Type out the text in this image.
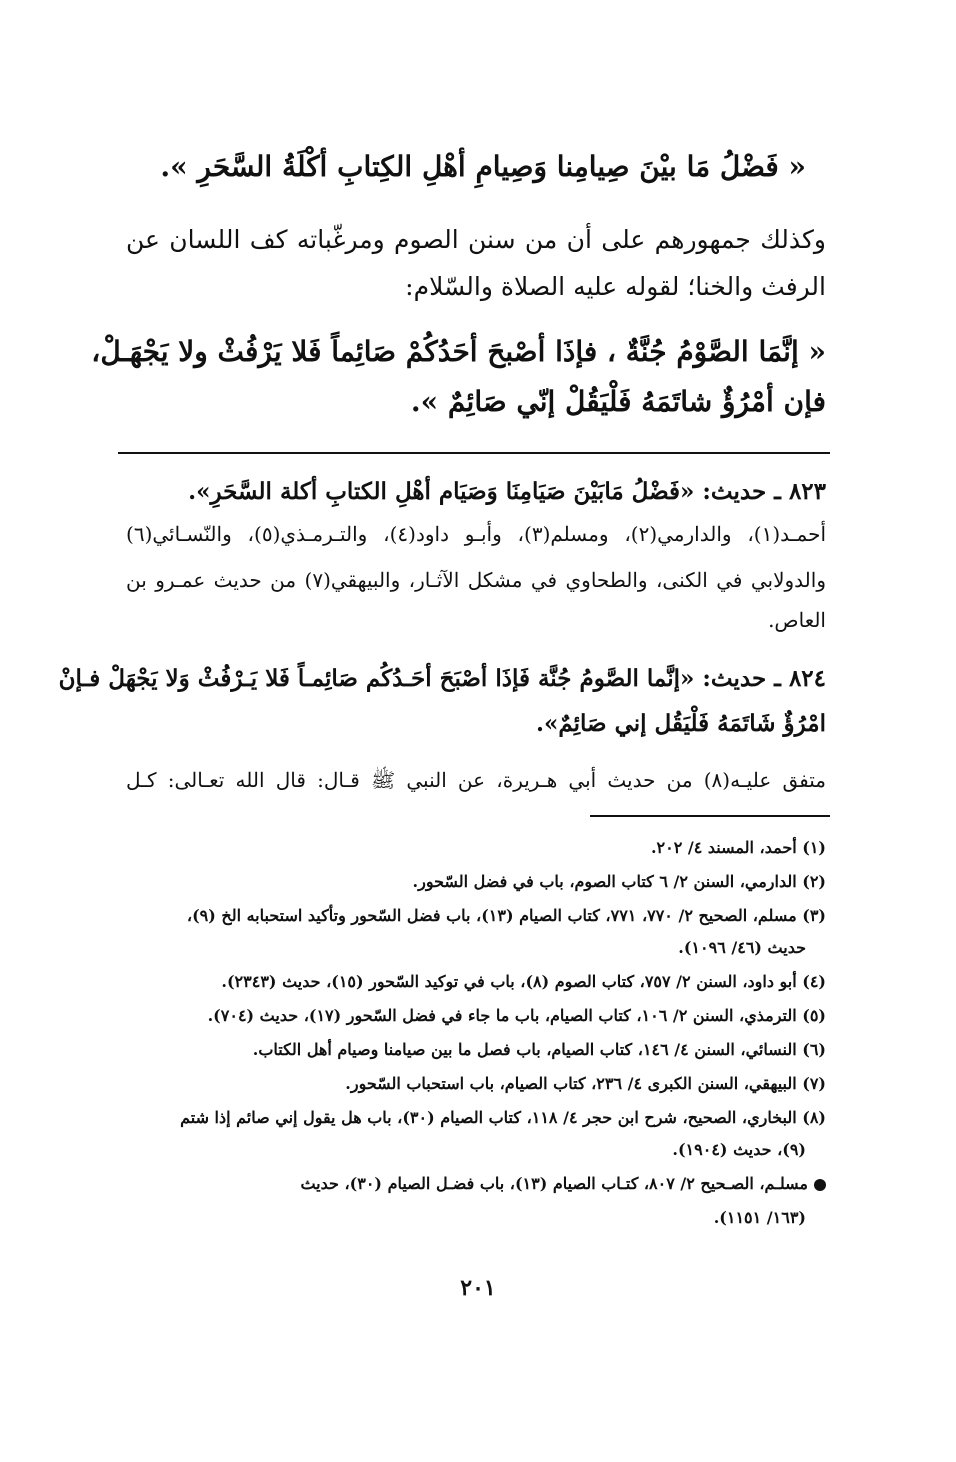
« فَضْلُ مَا بيْنَ صِيامِنا وَصِيامِ أهْلِ الكِتابِ أكْلَةُ السَّحَرِ ».
وكذلك جمهورهم على أن من سنن الصوم ومرغّباته كف اللسان عن
الرفث والخنا؛ لقوله عليه الصلاة والسّلام:
« إنَّمَا الصَّوْمُ جُنَّةٌ ، فإذَا أصْبحَ أحَدُكُمْ صَائِماً فَلا يَرْفُثْ ولا يَجْهَـلْ،
فإن أمْرُؤٌ شاتَمَهُ فَلْيَقُلْ إنّي صَائِمٌ ».
٨٢٣ ـ حديث: «فَضْلُ مَابَيْنَ صَيَامِنَا وَصَيَام أهْلِ الكتابِ أكلة السَّحَرِ».
أحمـد(١)، والدارمي(٢)، ومسلم(٣)، وأبـو داود(٤)، والتـرمـذي(٥)، والنّسـائي(٦)
والدولابي في الكنى، والطحاوي في مشكل الآثـار، والبيهقي(٧) من حديث عمـرو بن
العاص.
٨٢٤ ـ حديث: «إنَّما الصَّومُ جُنَّة فَإذَا أصْبَحَ أحَـدُكُم صَائِمـاً فَلا يَـرْفُثْ وَلا يَجْهَلْ فـإنْ
امْرُؤٌ شَاتَمَهُ فَلْيَقُل إني صَائِمٌ».
متفق عليـه(٨) من حديث أبي هـريرة، عن النبي ﷺ قـال: قال الله تعـالى: كـل
(١) أحمد، المسند ٤/ ٢٠٢.
(٢) الدارمي، السنن ٢/ ٦ كتاب الصوم، باب في فضل السّحور.
(٣) مسلم، الصحيح ٢/ ٧٧٠، ٧٧١، كتاب الصيام (١٣)، باب فضل السّحور وتأكيد استحبابه الخ (٩)،
حديث (٤٦/ ١٠٩٦).
(٤) أبو داود، السنن ٢/ ٧٥٧، كتاب الصوم (٨)، باب في توكيد السّحور (١٥)، حديث (٢٣٤٣).
(٥) الترمذي، السنن ٢/ ١٠٦، كتاب الصيام، باب ما جاء في فضل السّحور (١٧)، حديث (٧٠٤).
(٦) النسائي، السنن ٤/ ١٤٦، كتاب الصيام، باب فصل ما بين صيامنا وصيام أهل الكتاب.
(٧) البيهقي، السنن الكبرى ٤/ ٢٣٦، كتاب الصيام، باب استحباب السّحور.
(٨) البخاري، الصحيح، شرح ابن حجر ٤/ ١١٨، كتاب الصيام (٣٠)، باب هل يقول إني صائم إذا شتم
(٩)، حديث (١٩٠٤).
مسلـم، الصـحيح ٢/ ٨٠٧، كتـاب الصيام (١٣)، باب فضـل الصيام (٣٠)، حديث
(١٦٣/ ١١٥١).
٢٠١
